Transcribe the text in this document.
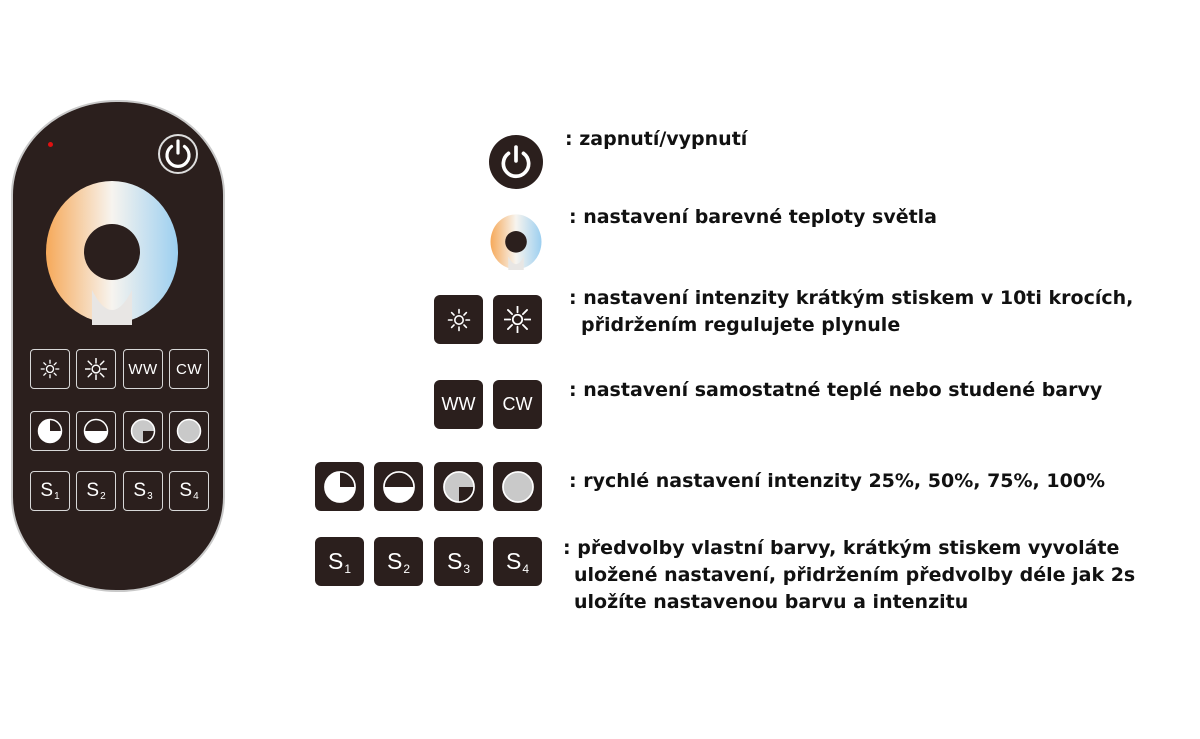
WW CW
$S_1$ $S_2$ $S_3$ $S_4$
: zapnutí/vypnutí
: nastavení barevné teploty světla
: nastavení intenzity krátkým stiskem v 10ti krocích,
přidržením regulujete plynule
WW CW
: nastavení samostatné teplé nebo studené barvy
: rychlé nastavení intenzity 25%, 50%, 75%, 100%
$S_1$ $S_2$ $S_3$ $S_4$
: předvolby vlastní barvy, krátkým stiskem vyvoláte
uložené nastavení, přidržením předvolby déle jak 2s
uložíte nastavenou barvu a intenzitu
